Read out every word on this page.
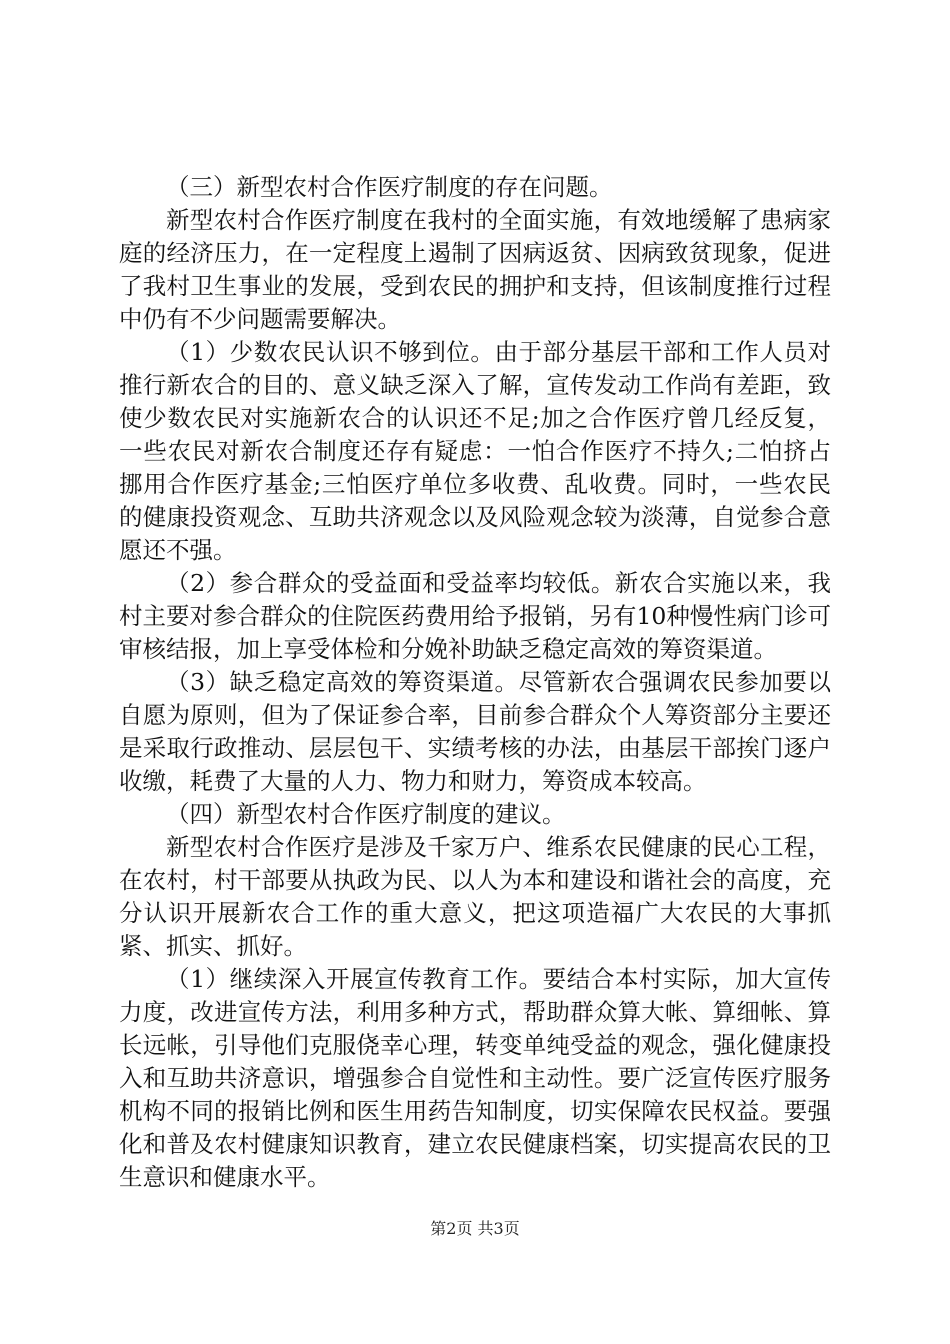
（三）新型农村合作医疗制度的存在问题。

新型农村合作医疗制度在我村的全面实施，有效地缓解了患病家庭的经济压力，在一定程度上遏制了因病返贫、因病致贫现象，促进了我村卫生事业的发展，受到农民的拥护和支持，但该制度推行过程中仍有不少问题需要解决。

（1）少数农民认识不够到位。由于部分基层干部和工作人员对推行新农合的目的、意义缺乏深入了解，宣传发动工作尚有差距，致使少数农民对实施新农合的认识还不足;加之合作医疗曾几经反复，一些农民对新农合制度还存有疑虑：一怕合作医疗不持久;二怕挤占挪用合作医疗基金;三怕医疗单位多收费、乱收费。同时，一些农民的健康投资观念、互助共济观念以及风险观念较为淡薄，自觉参合意愿还不强。

（2）参合群众的受益面和受益率均较低。新农合实施以来，我村主要对参合群众的住院医药费用给予报销，另有10种慢性病门诊可审核结报，加上享受体检和分娩补助缺乏稳定高效的筹资渠道。

（3）缺乏稳定高效的筹资渠道。尽管新农合强调农民参加要以自愿为原则，但为了保证参合率，目前参合群众个人筹资部分主要还是采取行政推动、层层包干、实绩考核的办法，由基层干部挨门逐户收缴，耗费了大量的人力、物力和财力，筹资成本较高。

（四）新型农村合作医疗制度的建议。

新型农村合作医疗是涉及千家万户、维系农民健康的民心工程，在农村，村干部要从执政为民、以人为本和建设和谐社会的高度，充分认识开展新农合工作的重大意义，把这项造福广大农民的大事抓紧、抓实、抓好。

（1）继续深入开展宣传教育工作。要结合本村实际，加大宣传力度，改进宣传方法，利用多种方式，帮助群众算大帐、算细帐、算长远帐，引导他们克服侥幸心理，转变单纯受益的观念，强化健康投入和互助共济意识，增强参合自觉性和主动性。要广泛宣传医疗服务机构不同的报销比例和医生用药告知制度，切实保障农民权益。要强化和普及农村健康知识教育，建立农民健康档案，切实提高农民的卫生意识和健康水平。

第2页 共3页
